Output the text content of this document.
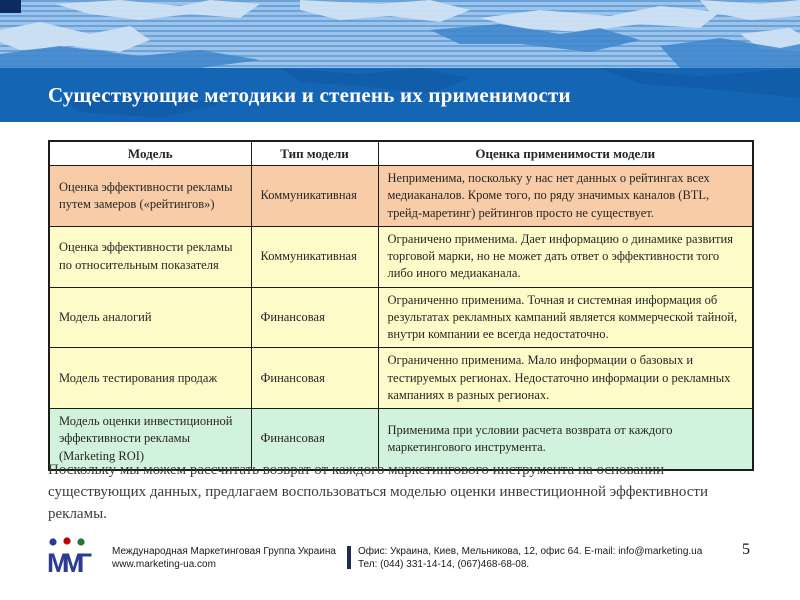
Существующие методики и степень их применимости
Модель	Тип модели	Оценка применимости модели
Оценка эффективности рекламы путем замеров («рейтингов»)	Коммуникативная	Неприменима, поскольку у нас нет данных о рейтингах всех медиаканалов. Кроме того, по ряду значимых каналов (BTL, трейд-маретинг) рейтингов просто не существует.
Оценка эффективности рекламы по относительным показателя	Коммуникативная	Ограничено применима. Дает информацию о динамике развития торговой марки, но не может дать ответ о эффективности того либо иного медиаканала.
Модель аналогий	Финансовая	Ограниченно применима. Точная и системная информация об результатах рекламных кампаний является коммерческой тайной, внутри компании ее всегда недостаточно.
Модель тестирования продаж	Финансовая	Ограниченно применима. Мало информации о базовых и тестируемых регионах. Недостаточно информации о рекламных кампаниях в разных регионах.
Модель оценки инвестиционной эффективности рекламы (Marketing ROI)	Финансовая	Применима при условии расчета возврата от каждого маркетингового инструмента.

Поскольку мы можем рассчитать возврат от каждого маркетингового инструмента на основании существующих данных, предлагаем воспользоваться моделью оценки инвестиционной эффективности рекламы.

ММГ Международная Маркетинговая Группа Украина
www.marketing-ua.com
Офис: Украина, Киев, Мельникова, 12, офис 64. E-mail: info@marketing.ua
Тел: (044) 331-14-14, (067)468-68-08.
5
